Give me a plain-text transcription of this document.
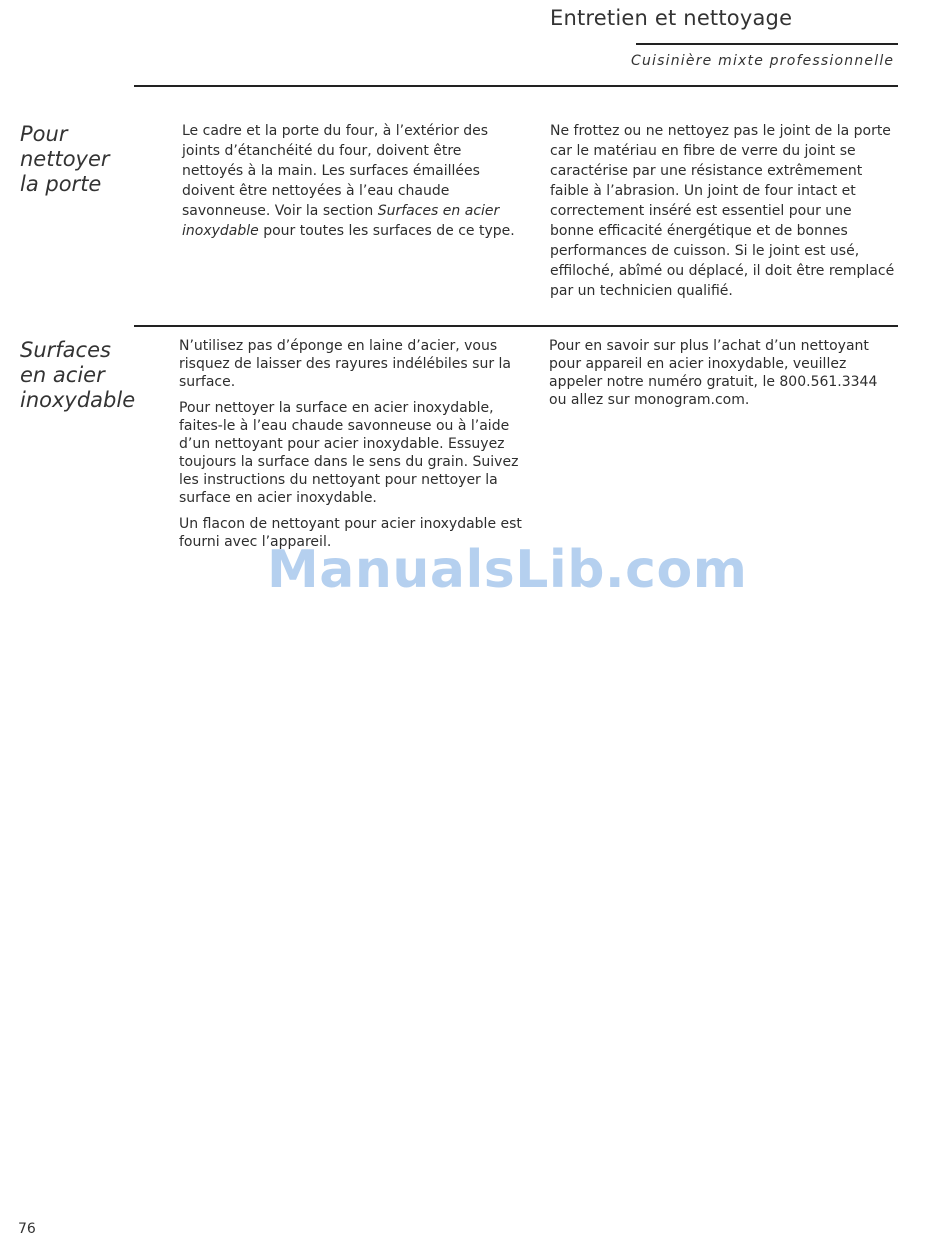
Entretien et nettoyage
Cuisinière mixte professionnelle
Pour
nettoyer
la porte

Le cadre et la porte du four, à l’extérior des joints d’étanchéité du four, doivent être nettoyés à la main. Les surfaces émaillées doivent être nettoyées à l’eau chaude savonneuse. Voir la section Surfaces en acier inoxydable pour toutes les surfaces de ce type.

Ne frottez ou ne nettoyez pas le joint de la porte car le matériau en fibre de verre du joint se caractérise par une résistance extrêmement faible à l’abrasion. Un joint de four intact et correctement inséré est essentiel pour une bonne efficacité énergétique et de bonnes performances de cuisson. Si le joint est usé, effiloché, abîmé ou déplacé, il doit être remplacé par un technicien qualifié.

Surfaces
en acier
inoxydable

N’utilisez pas d’éponge en laine d’acier, vous risquez de laisser des rayures indélébiles sur la surface.

Pour nettoyer la surface en acier inoxydable, faites-le à l’eau chaude savonneuse ou à l’aide d’un nettoyant pour acier inoxydable. Essuyez toujours la surface dans le sens du grain. Suivez les instructions du nettoyant pour nettoyer la surface en acier inoxydable.

Un flacon de nettoyant pour acier inoxydable est fourni avec l’appareil.

Pour en savoir sur plus l’achat d’un nettoyant pour appareil en acier inoxydable, veuillez appeler notre numéro gratuit, le 800.561.3344 ou allez sur monogram.com.

ManualsLib.com
76
